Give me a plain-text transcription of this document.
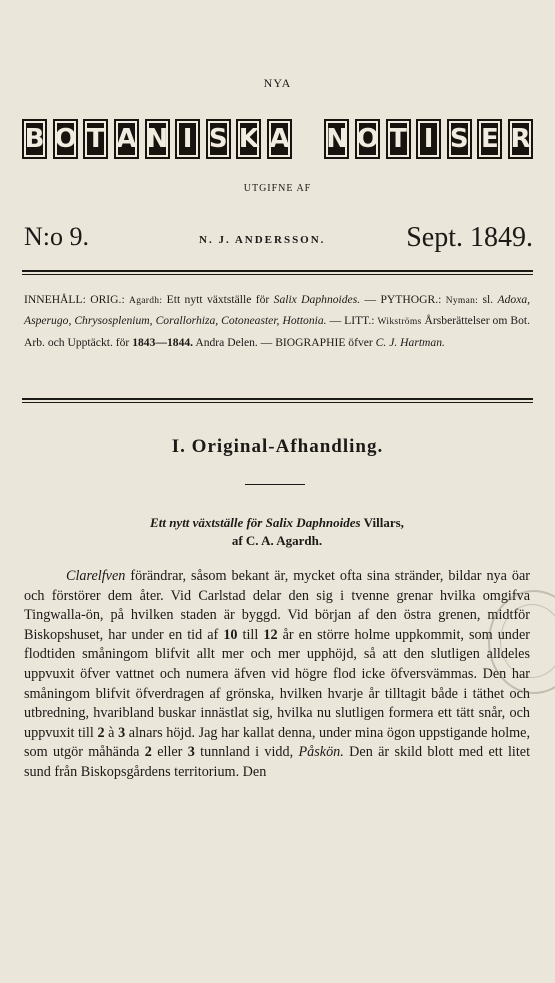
NYA
B O T A N I S K A N O T I S E R
UTGIFNE AF
N:o 9.	N. J. ANDERSSON.	Sept. 1849.
INNEHÅLL: ORIG.: Agardh: Ett nytt växtställe för Salix Daphnoides. — PYTHOGR.: Nyman: sl. Adoxa, Asperugo, Chrysosplenium, Corallorhiza, Cotoneaster, Hottonia. — LITT.: Wikströms Årsberättelser om Bot. Arb. och Upptäckt. för 1843—1844. Andra Delen. — BIOGRAPHIE öfver C. J. Hartman.
I. Original-Afhandling.
Ett nytt växtställe för Salix Daphnoides Villars,
af C. A. Agardh.

Clarelfven förändrar, såsom bekant är, mycket ofta sina stränder, bildar nya öar och förstörer dem åter. Vid Carlstad delar den sig i tvenne grenar hvilka omgifva Tingwalla-ön, på hvilken staden är byggd. Vid början af den östra grenen, midtför Biskopshuset, har under en tid af 10 till 12 år en större holme uppkommit, som under flodtiden småningom blifvit allt mer och mer upphöjd, så att den slutligen alldeles uppvuxit öfver vattnet och numera äfven vid högre flod icke öfversvämmas. Den har småningom blifvit öfverdragen af grönska, hvilken hvarje år tilltagit både i täthet och utbredning, hvaribland buskar innästlat sig, hvilka nu slutligen formera ett tätt snår, och uppvuxit till 2 à 3 alnars höjd. Jag har kallat denna, under mina ögon uppstigande holme, som utgör måhända 2 eller 3 tunnland i vidd, Påskön. Den är skild blott med ett litet sund från Biskopsgårdens territorium. Den
